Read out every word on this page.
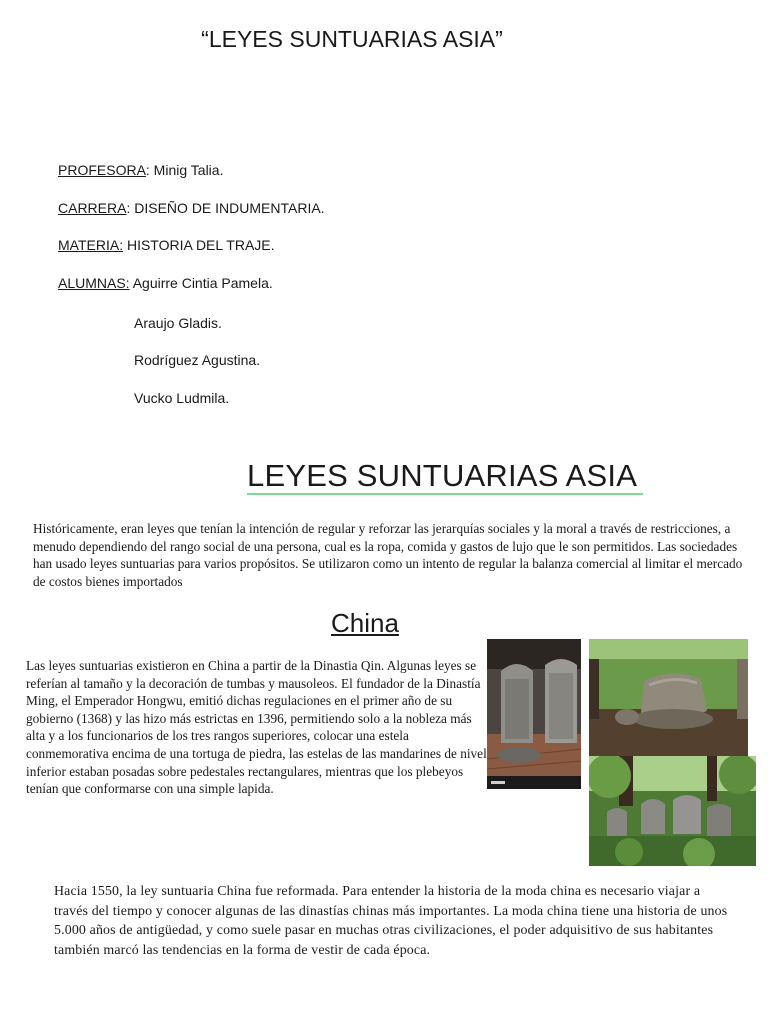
“LEYES SUNTUARIAS ASIA”
PROFESORA: Minig Talia.
CARRERA: DISEÑO DE INDUMENTARIA.
MATERIA: HISTORIA DEL TRAJE.
ALUMNAS: Aguirre Cintia Pamela.
Araujo Gladis.
Rodríguez Agustina.
Vucko Ludmila.
LEYES SUNTUARIAS ASIA
Históricamente, eran leyes que tenían la intención de regular y reforzar las jerarquías sociales y la moral a través de restricciones, a menudo dependiendo del rango social de una persona, cual es la ropa, comida y gastos de lujo que le son permitidos. Las sociedades han usado leyes suntuarias para varios propósitos. Se utilizaron como un intento de regular la balanza comercial al limitar el mercado de costos bienes importados
China
Las leyes suntuarias existieron en China a partir de la Dinastia Qin. Algunas leyes se referían al tamaño y la decoración de tumbas y mausoleos. El fundador de la Dinastía Ming, el Emperador Hongwu, emitió dichas regulaciones en el primer año de su gobierno (1368) y las hizo más estrictas en 1396, permitiendo solo a la nobleza más alta y a los funcionarios de los tres rangos superiores, colocar una estela conmemorativa encima de una tortuga de piedra, las estelas de las mandarines de nivel inferior estaban posadas sobre pedestales rectangulares, mientras que los plebeyos tenían que conformarse con una simple lapida.
Hacia 1550, la ley suntuaria China fue reformada. Para entender la historia de la moda china es necesario viajar a través del tiempo y conocer algunas de las dinastías chinas más importantes. La moda china tiene una historia de unos 5.000 años de antigüedad, y como suele pasar en muchas otras civilizaciones, el poder adquisitivo de sus habitantes también marcó las tendencias en la forma de vestir de cada época.
